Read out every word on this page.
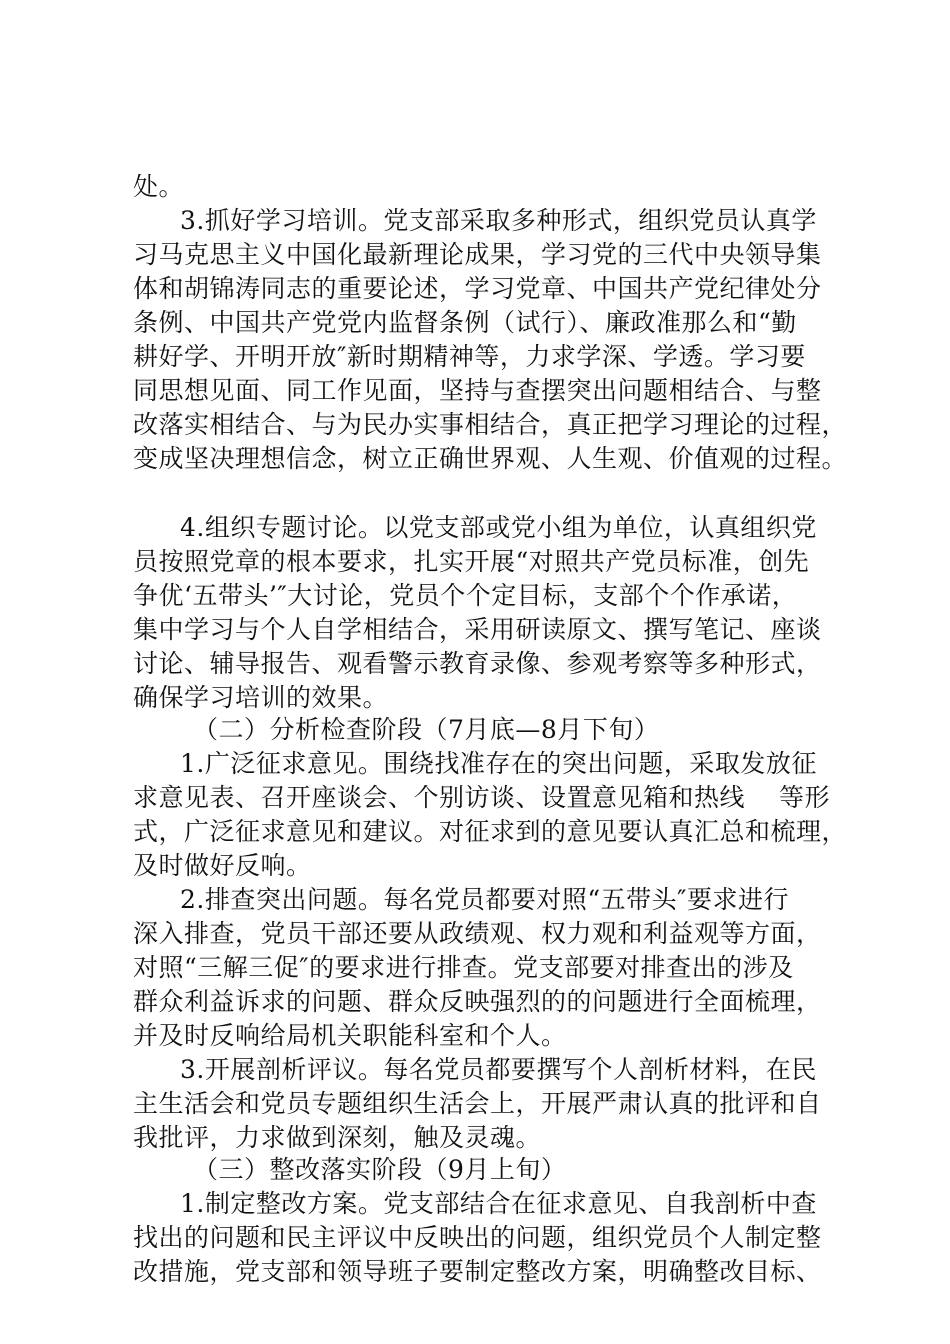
处。
3.抓好学习培训。党支部采取多种形式，组织党员认真学
习马克思主义中国化最新理论成果，学习党的三代中央领导集
体和胡锦涛同志的重要论述，学习党章、中国共产党纪律处分
条例、中国共产党党内监督条例（试行）、廉政准那么和“勤
耕好学、开明开放″新时期精神等，力求学深、学透。学习要
同思想见面、同工作见面，坚持与查摆突出问题相结合、与整
改落实相结合、与为民办实事相结合，真正把学习理论的过程，
变成坚决理想信念，树立正确世界观、人生观、价值观的过程。
4.组织专题讨论。以党支部或党小组为单位，认真组织党
员按照党章的根本要求，扎实开展“对照共产党员标准，创先
争优‘五带头’″大讨论，党员个个定目标，支部个个作承诺，
集中学习与个人自学相结合，采用研读原文、撰写笔记、座谈
讨论、辅导报告、观看警示教育录像、参观考察等多种形式，
确保学习培训的效果。
（二）分析检查阶段（7月底—8月下旬）
1.广泛征求意见。围绕找准存在的突出问题，采取发放征
求意见表、召开座谈会、个别访谈、设置意见箱和热线　 等形
式，广泛征求意见和建议。对征求到的意见要认真汇总和梳理，
及时做好反响。
2.排查突出问题。每名党员都要对照“五带头″要求进行
深入排查，党员干部还要从政绩观、权力观和利益观等方面，
对照“三解三促″的要求进行排查。党支部要对排查出的涉及
群众利益诉求的问题、群众反映强烈的的问题进行全面梳理，
并及时反响给局机关职能科室和个人。
3.开展剖析评议。每名党员都要撰写个人剖析材料，在民
主生活会和党员专题组织生活会上，开展严肃认真的批评和自
我批评，力求做到深刻，触及灵魂。
（三）整改落实阶段（9月上旬）
1.制定整改方案。党支部结合在征求意见、自我剖析中查
找出的问题和民主评议中反映出的问题，组织党员个人制定整
改措施，党支部和领导班子要制定整改方案，明确整改目标、
